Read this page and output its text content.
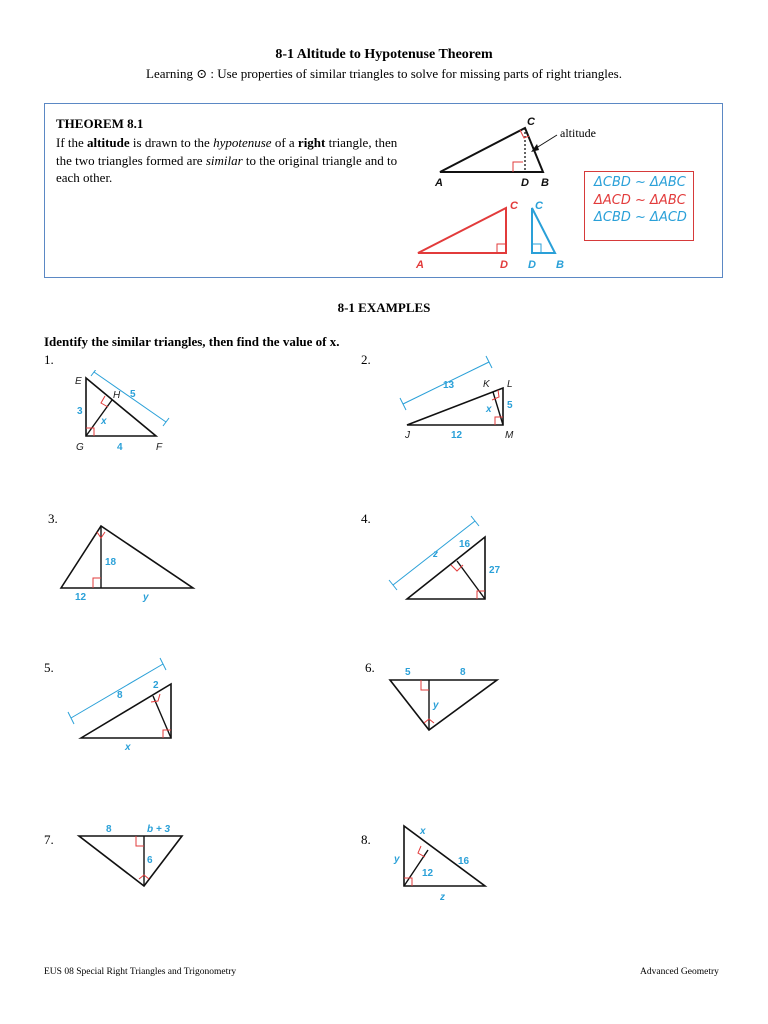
8-1 Altitude to Hypotenuse Theorem
Learning ⊙ : Use properties of similar triangles to solve for missing parts of right triangles.
THEOREM 8.1
If the altitude is drawn to the hypotenuse of a right triangle, then the two triangles formed are similar to the original triangle and to each other.
altitude
A	D B
C
A	D
C C
D B
ΔCBD ~ ΔABC
ΔACD ~ ΔABC
ΔCBD ~ ΔACD
8-1 EXAMPLES
Identify the similar triangles, then find the value of x.
1.
E
H
G	F
3
5
x
4
2.
K L
J	M
13
5
x
12
3.
18
12	y
4.
16
27
z
5.
8
2
x
6.	5	8
y
7.
8	b + 3
6
8.
x
16
y
12
z
EUS 08 Special Right Triangles and Trigonometry	Advanced Geometry
